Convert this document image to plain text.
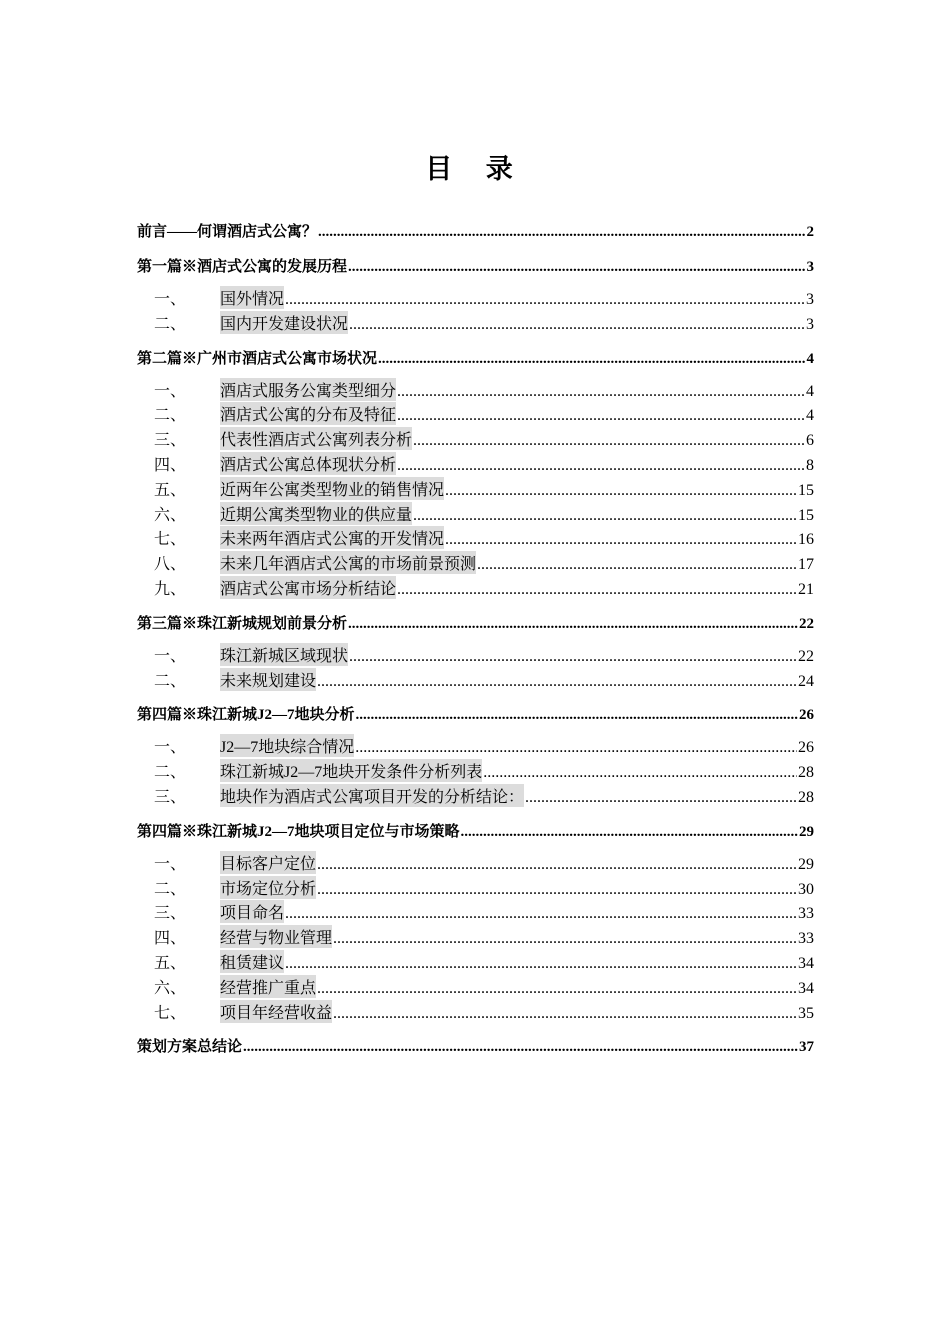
目 录
前言——何谓酒店式公寓？ .....	2
第一篇※酒店式公寓的发展历程 .....	3
一、	国外情况 .....	3
二、	国内开发建设状况 .....	3
第二篇※广州市酒店式公寓市场状况 .....	4
一、	酒店式服务公寓类型细分 .....	4
二、	酒店式公寓的分布及特征 .....	4
三、	代表性酒店式公寓列表分析 .....	6
四、	酒店式公寓总体现状分析 .....	8
五、	近两年公寓类型物业的销售情况 .....	15
六、	近期公寓类型物业的供应量 .....	15
七、	未来两年酒店式公寓的开发情况 .....	16
八、	未来几年酒店式公寓的市场前景预测 .....	17
九、	酒店式公寓市场分析结论 .....	21
第三篇※珠江新城规划前景分析 .....	22
一、	珠江新城区域现状 .....	22
二、	未来规划建设 .....	24
第四篇※珠江新城J2—7地块分析 .....	26
一、	J2—7地块综合情况 .....	26
二、	珠江新城J2—7地块开发条件分析列表 .....	28
三、	地块作为酒店式公寓项目开发的分析结论： .....	28
第四篇※珠江新城J2—7地块项目定位与市场策略 .....	29
一、	目标客户定位 .....	29
二、	市场定位分析 .....	30
三、	项目命名 .....	33
四、	经营与物业管理 .....	33
五、	租赁建议 .....	34
六、	经营推广重点 .....	34
七、	项目年经营收益 .....	35
策划方案总结论 .....	37
